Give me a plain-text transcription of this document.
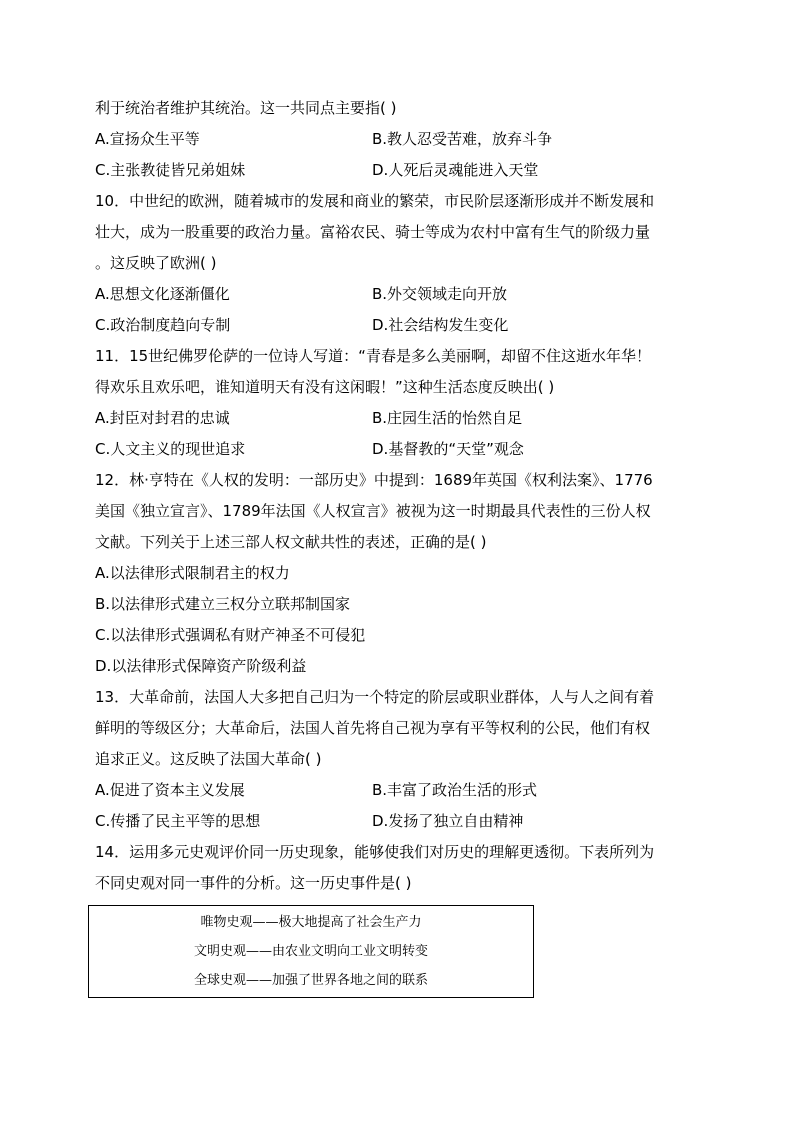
利于统治者维护其统治。这一共同点主要指( )
A.宣扬众生平等	B.教人忍受苦难，放弃斗争
C.主张教徒皆兄弟姐妹	D.人死后灵魂能进入天堂
10．中世纪的欧洲，随着城市的发展和商业的繁荣，市民阶层逐渐形成并不断发展和
壮大，成为一股重要的政治力量。富裕农民、骑士等成为农村中富有生气的阶级力量
。这反映了欧洲( )
A.思想文化逐渐僵化	B.外交领域走向开放
C.政治制度趋向专制	D.社会结构发生变化
11．15世纪佛罗伦萨的一位诗人写道：“青春是多么美丽啊，却留不住这逝水年华！
得欢乐且欢乐吧，谁知道明天有没有这闲暇！”这种生活态度反映出( )
A.封臣对封君的忠诚	B.庄园生活的怡然自足
C.人文主义的现世追求	D.基督教的“天堂”观念
12．林·亨特在《人权的发明：一部历史》中提到：1689年英国《权利法案》、1776
美国《独立宣言》、1789年法国《人权宣言》被视为这一时期最具代表性的三份人权
文献。下列关于上述三部人权文献共性的表述，正确的是( )
A.以法律形式限制君主的权力
B.以法律形式建立三权分立联邦制国家
C.以法律形式强调私有财产神圣不可侵犯
D.以法律形式保障资产阶级利益
13．大革命前，法国人大多把自己归为一个特定的阶层或职业群体，人与人之间有着
鲜明的等级区分；大革命后，法国人首先将自己视为享有平等权利的公民，他们有权
追求正义。这反映了法国大革命( )
A.促进了资本主义发展	B.丰富了政治生活的形式
C.传播了民主平等的思想	D.发扬了独立自由精神
14．运用多元史观评价同一历史现象，能够使我们对历史的理解更透彻。下表所列为
不同史观对同一事件的分析。这一历史事件是( )
唯物史观——极大地提高了社会生产力
文明史观——由农业文明向工业文明转变
全球史观——加强了世界各地之间的联系
